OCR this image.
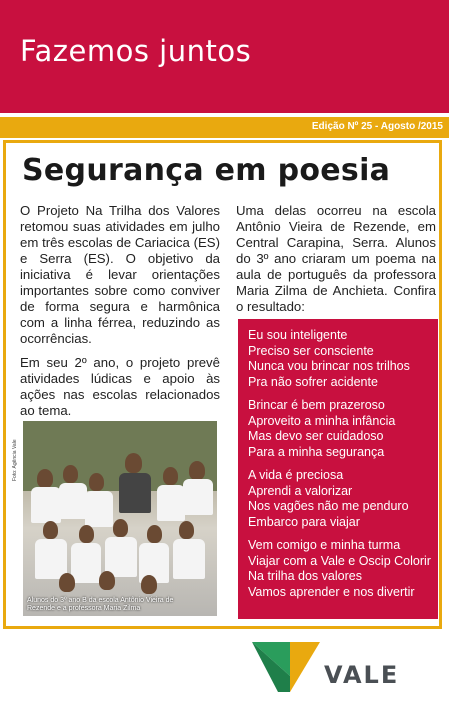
Fazemos juntos
Edição Nº 25 - Agosto /2015
Segurança em poesia

O Projeto Na Trilha dos Valores retomou suas atividades em julho em três escolas de Cariacica (ES) e Serra (ES). O objetivo da iniciativa é levar orientações importantes sobre como conviver de forma segura e harmônica com a linha férrea, reduzindo as ocorrências.

Em seu 2º ano, o projeto prevê atividades lúdicas e apoio às ações nas escolas relacionados ao tema.

Foto: Agência Vale
Alunos do 3º ano B da escola Antônio Vieira de Rezende e a professora Maria Zilma

Uma delas ocorreu na escola Antônio Vieira de Rezende, em Central Carapina, Serra. Alunos do 3º ano criaram um poema na aula de português da professora Maria Zilma de Anchieta. Confira o resultado:

Eu sou inteligente
Preciso ser consciente
Nunca vou brincar nos trilhos
Pra não sofrer acidente
Brincar é bem prazeroso
Aproveito a minha infância
Mas devo ser cuidadoso
Para a minha segurança
A vida é preciosa
Aprendi a valorizar
Nos vagões não me penduro
Embarco para viajar
Vem comigo e minha turma
Viajar com a Vale e Oscip Colorir
Na trilha dos valores
Vamos aprender e nos divertir
VALE
